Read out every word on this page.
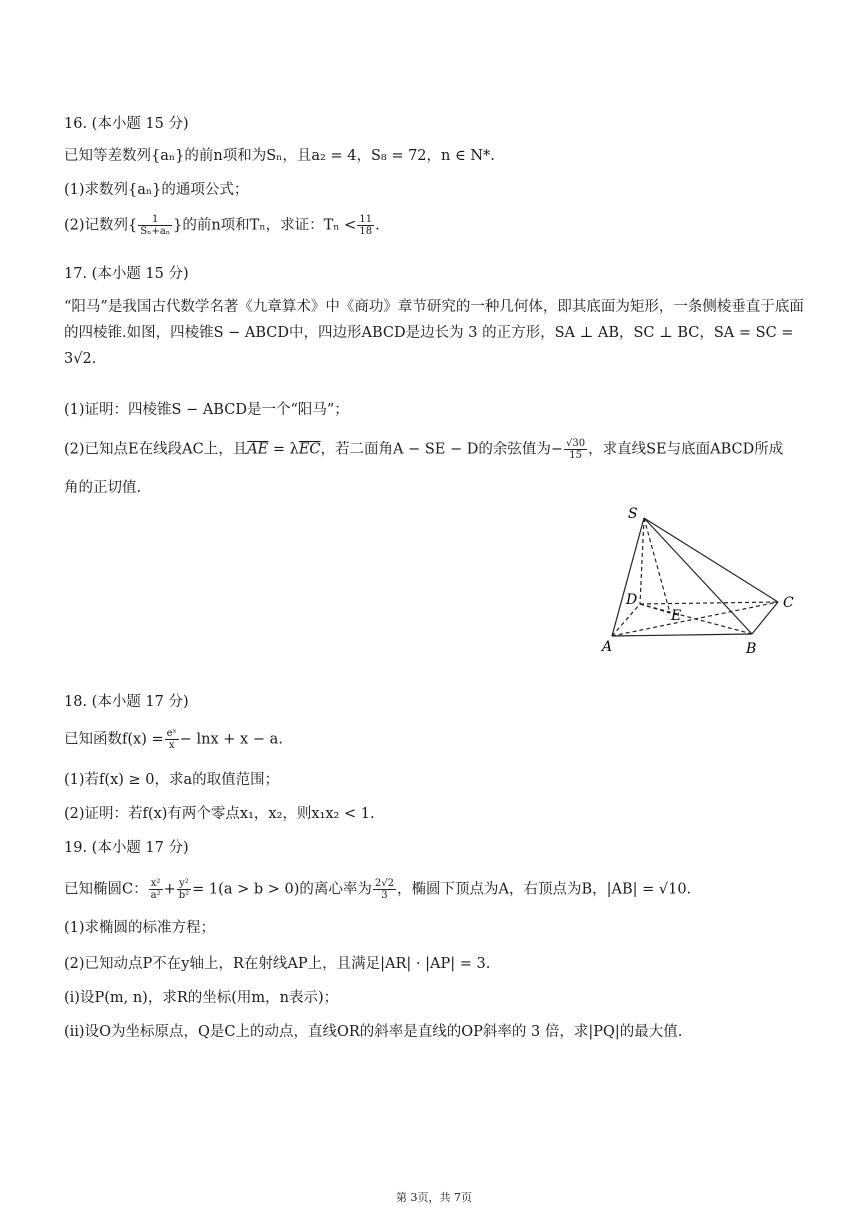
16. (本小题 15 分)
已知等差数列{aₙ}的前n项和为Sₙ，且a₂ = 4，S₈ = 72，n ∈ N*.
(1)求数列{aₙ}的通项公式；
(2)记数列{ $\frac{1}{\text{Sₙ+aₙ}}$ }的前n项和Tₙ，求证：$T_n < \frac{11}{18}$ .
17. (本小题 15 分)
“阳马”是我国古代数学名著《九章算术》中《商功》章节研究的一种几何体，即其底面为矩形，一条侧棱垂直于底面的四棱锥.如图，四棱锥S − ABCD中，四边形ABCD是边长为 3 的正方形，SA ⊥ AB，SC ⊥ BC，SA = SC = 3√2.
(1)证明：四棱锥S − ABCD是一个“阳马”；
(2)已知点E在线段AC上，且$\overline{AE} = \lambda\overline{EC}$，若二面角A − SE − D的余弦值为− $\frac{√30}{15}$ ，求直线SE与底面ABCD所成
角的正切值.
S
D
E
C
A	B
18. (本小题 17 分)
已知函数$f(x) = \frac{\text{eˣ}}{x} - \ln x + x - a$.
(1)若f(x) ≥ 0，求a的取值范围；
(2)证明：若f(x)有两个零点x₁，x₂，则x₁x₂ < 1.
19. (本小题 17 分)
已知椭圆C： $\frac{\text{x²}}{\text{a²}} + \frac{\text{y²}}{\text{b²}} = 1(a > b > 0)$的离心率为 $\frac{2√2}{3}$ ，椭圆下顶点为A，右顶点为B，|AB| = √10.
(1)求椭圆的标准方程；
(2)已知动点P不在y轴上，R在射线AP上，且满足|AR| · |AP| = 3.
(i)设P(m, n)，求R的坐标(用m，n表示)；
(ii)设O为坐标原点，Q是C上的动点，直线OR的斜率是直线的OP斜率的 3 倍，求|PQ|的最大值.
第 3页，共 7页
